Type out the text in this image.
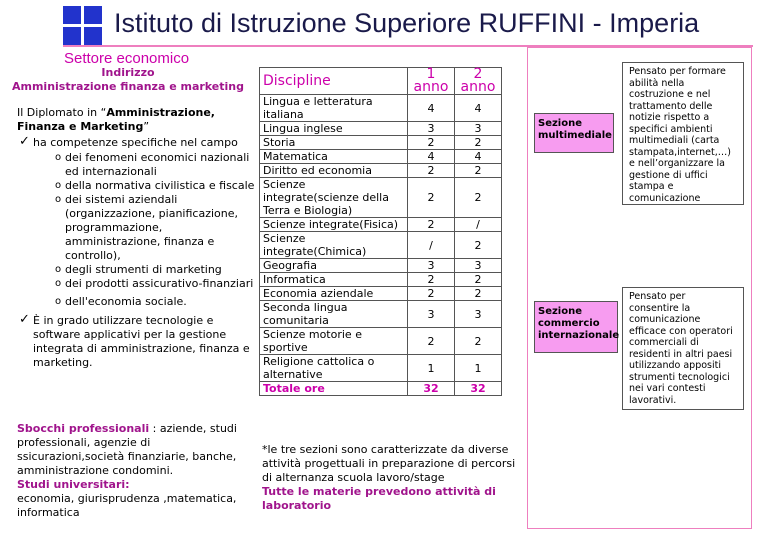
Istituto di Istruzione Superiore RUFFINI - Imperia
Settore economico
Indirizzo
Amministrazione finanza e marketing
Il Diplomato in “Amministrazione, Finanza e Marketing”
✓ ha competenze specifiche nel campo
o dei fenomeni economici nazionali ed internazionali
o della normativa civilistica e fiscale
o dei sistemi aziendali (organizzazione, pianificazione, programmazione, amministrazione, finanza e controllo),
o degli strumenti di marketing
o dei prodotti assicurativo-finanziari
o dell'economia sociale.
✓ È in grado utilizzare tecnologie e software applicativi per la gestione integrata di amministrazione, finanza e marketing.
Sbocchi professionali : aziende, studi professionali, agenzie di ssicurazioni,società finanziarie, banche, amministrazione condomini.
Studi universitari:
economia, giurisprudenza ,matematica, informatica
Discipline	1 anno	2 anno
Lingua e letteratura italiana	4	4
Lingua inglese	3	3
Storia	2	2
Matematica	4	4
Diritto ed economia	2	2
Scienze integrate(scienze della Terra e Biologia)	2	2
Scienze integrate(Fisica)	2	/
Scienze integrate(Chimica)	/	2
Geografia	3	3
Informatica	2	2
Economia aziendale	2	2
Seconda lingua comunitaria	3	3
Scienze motorie e sportive	2	2
Religione cattolica o alternative	1	1
Totale ore	32	32
*le tre sezioni sono caratterizzate da diverse attività progettuali in preparazione di percorsi di alternanza scuola lavoro/stage
Tutte le materie prevedono attività di laboratorio
Sezione multimediale
Pensato per formare abilità nella costruzione e nel trattamento delle notizie rispetto a specifici ambienti multimediali (carta stampata,internet,…) e nell’organizzare la gestione di uffici stampa e comunicazione
Sezione commercio internazionale
Pensato per consentire la comunicazione efficace con operatori commerciali di residenti in altri paesi utilizzando appositi strumenti tecnologici nei vari contesti lavorativi.
